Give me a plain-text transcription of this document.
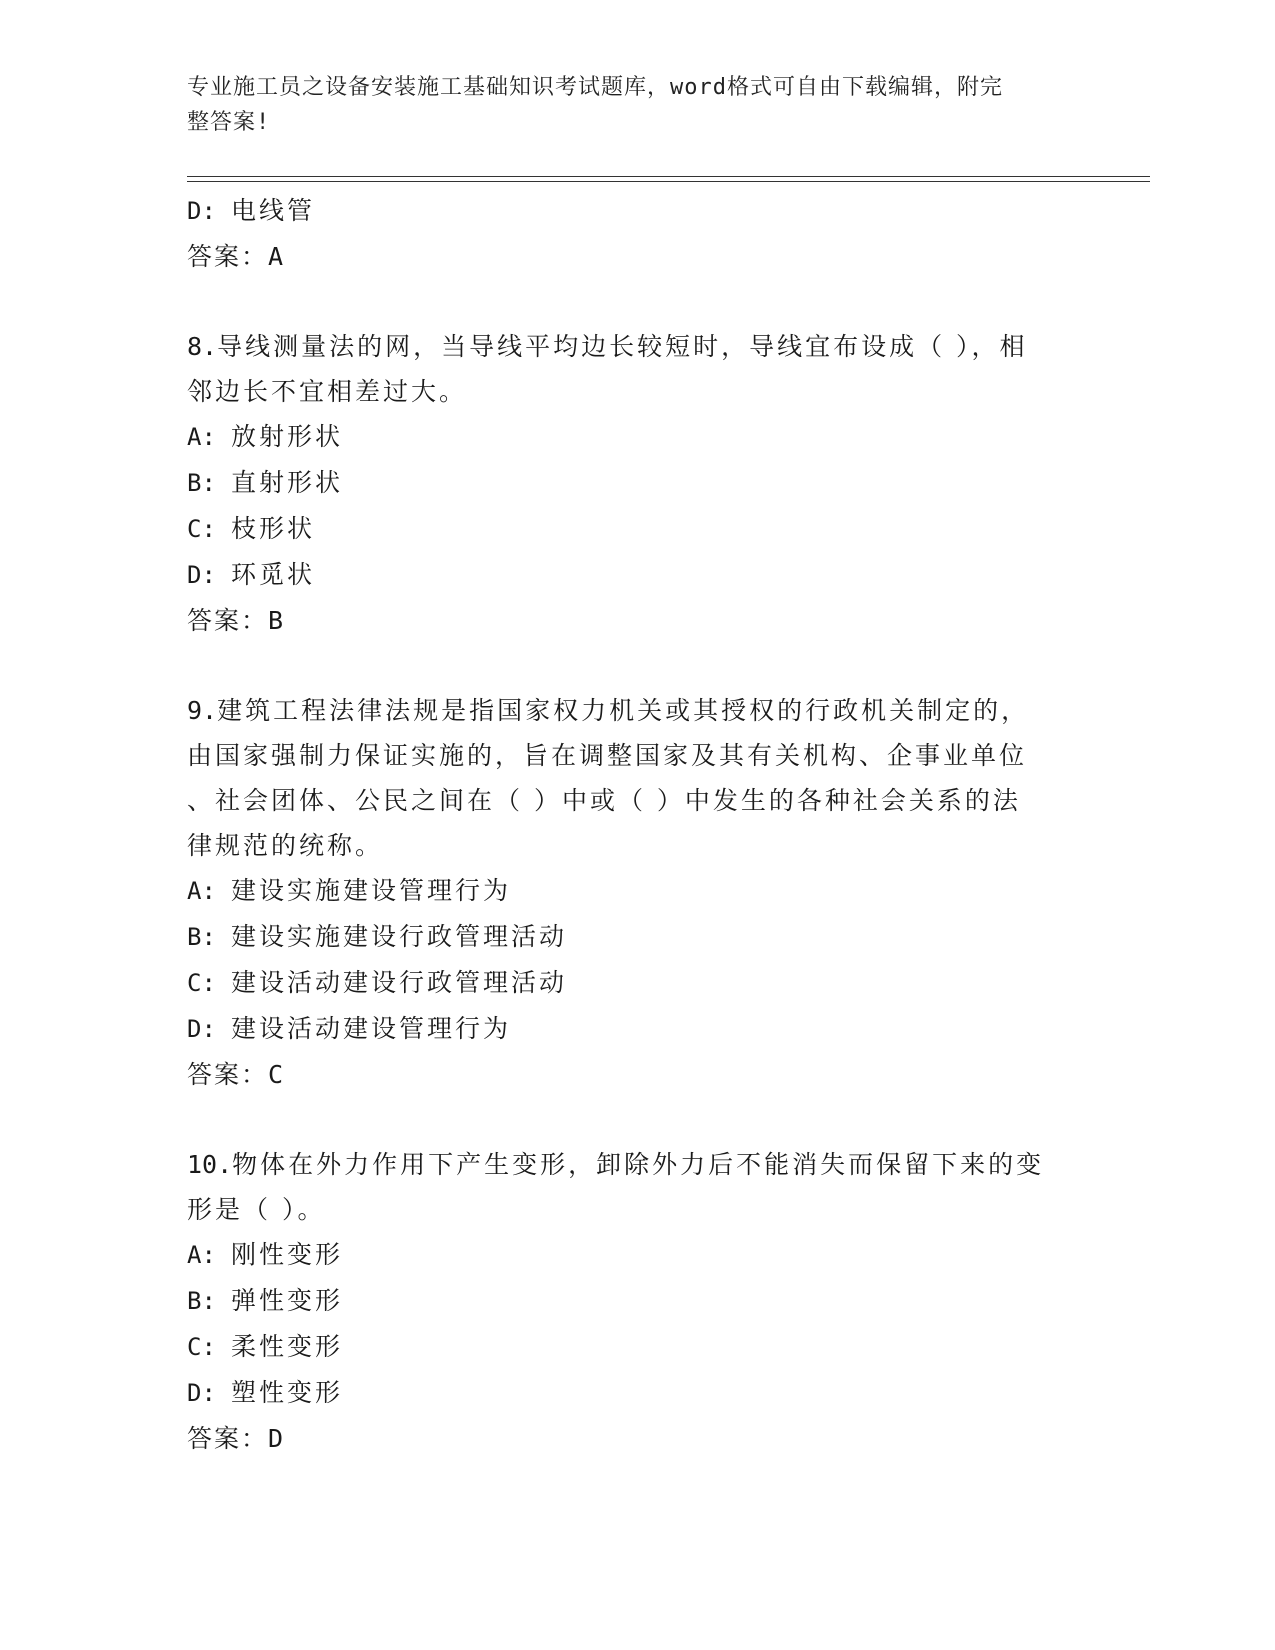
专业施工员之设备安装施工基础知识考试题库，word格式可自由下载编辑，附完
整答案!
D: 电线管
答案：A
8.导线测量法的网，当导线平均边长较短时，导线宜布设成（ ），相
邻边长不宜相差过大。
A: 放射形状
B: 直射形状
C: 枝形状
D: 环觅状
答案：B
9.建筑工程法律法规是指国家权力机关或其授权的行政机关制定的，
由国家强制力保证实施的，旨在调整国家及其有关机构、企事业单位
、社会团体、公民之间在（ ）中或（ ）中发生的各种社会关系的法
律规范的统称。
A: 建设实施建设管理行为
B: 建设实施建设行政管理活动
C: 建设活动建设行政管理活动
D: 建设活动建设管理行为
答案：C
10.物体在外力作用下产生变形，卸除外力后不能消失而保留下来的变
形是（ ）。
A: 刚性变形
B: 弹性变形
C: 柔性变形
D: 塑性变形
答案：D
